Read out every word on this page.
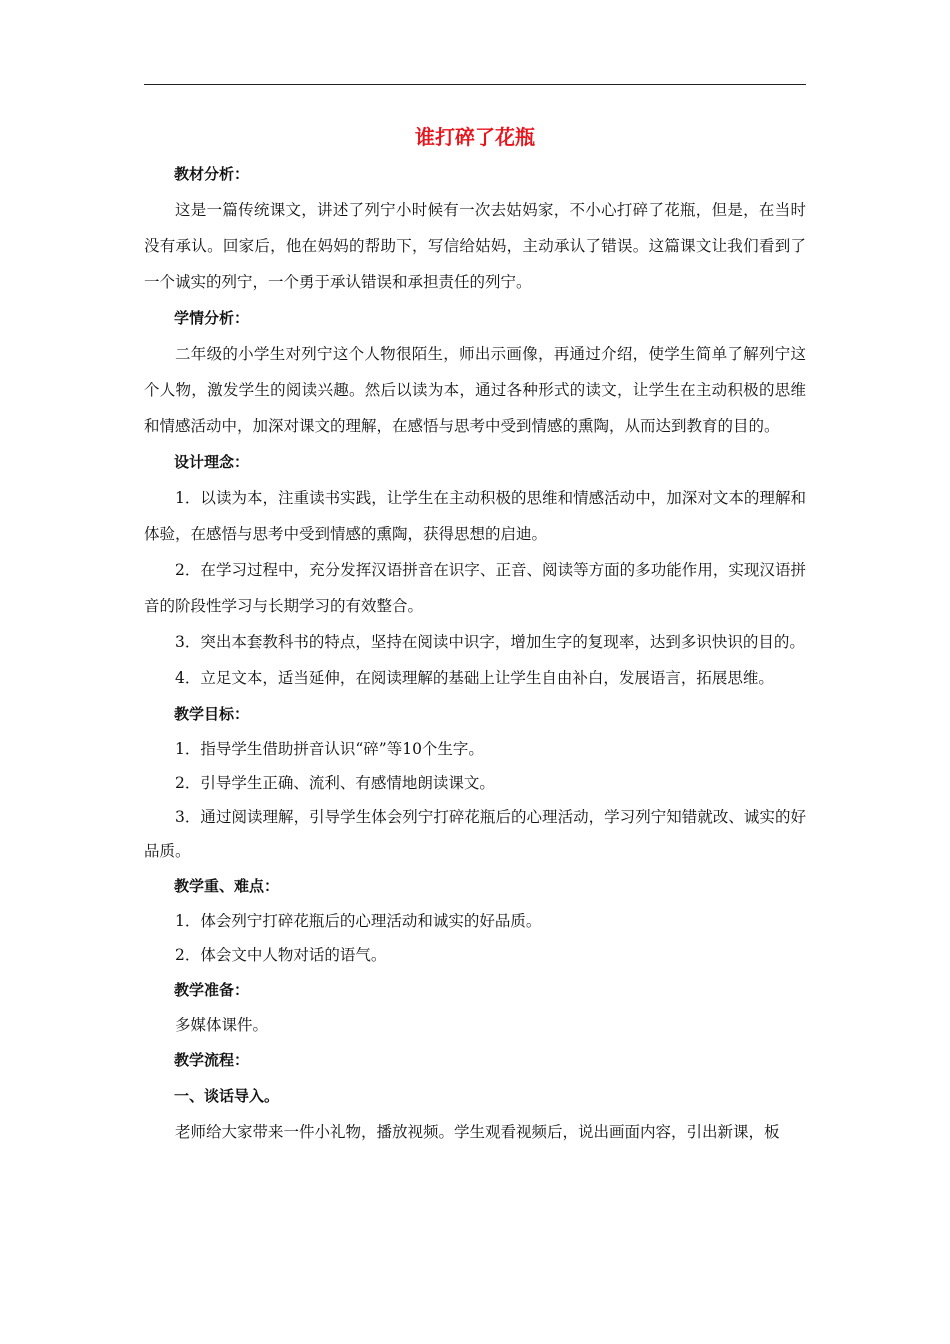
谁打碎了花瓶

教材分析：

这是一篇传统课文，讲述了列宁小时候有一次去姑妈家，不小心打碎了花瓶，但是，在当时没有承认。回家后，他在妈妈的帮助下，写信给姑妈，主动承认了错误。这篇课文让我们看到了一个诚实的列宁，一个勇于承认错误和承担责任的列宁。

学情分析：

二年级的小学生对列宁这个人物很陌生，师出示画像，再通过介绍，使学生简单了解列宁这个人物，激发学生的阅读兴趣。然后以读为本，通过各种形式的读文，让学生在主动积极的思维和情感活动中，加深对课文的理解，在感悟与思考中受到情感的熏陶，从而达到教育的目的。

设计理念：

1．以读为本，注重读书实践，让学生在主动积极的思维和情感活动中，加深对文本的理解和体验，在感悟与思考中受到情感的熏陶，获得思想的启迪。

2．在学习过程中，充分发挥汉语拼音在识字、正音、阅读等方面的多功能作用，实现汉语拼音的阶段性学习与长期学习的有效整合。

3．突出本套教科书的特点，坚持在阅读中识字，增加生字的复现率，达到多识快识的目的。

4．立足文本，适当延伸，在阅读理解的基础上让学生自由补白，发展语言，拓展思维。

教学目标：

1．指导学生借助拼音认识“碎”等10个生字。

2．引导学生正确、流利、有感情地朗读课文。

3．通过阅读理解，引导学生体会列宁打碎花瓶后的心理活动，学习列宁知错就改、诚实的好品质。

教学重、难点：

1．体会列宁打碎花瓶后的心理活动和诚实的好品质。

2．体会文中人物对话的语气。

教学准备：

多媒体课件。

教学流程：

一、谈话导入。

老师给大家带来一件小礼物，播放视频。学生观看视频后，说出画面内容，引出新课，板
